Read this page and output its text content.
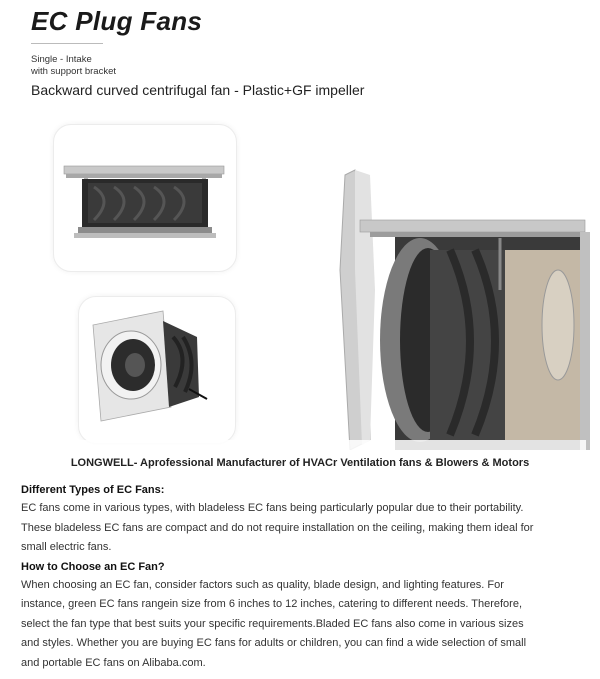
EC Plug Fans
Single - Intake
with support bracket
Backward curved centrifugal fan - Plastic+GF impeller
LONGWELL- Aprofessional Manufacturer of HVACr Ventilation fans & Blowers & Motors
Different Types of EC Fans:
EC fans come in various types, with bladeless EC fans being particularly popular due to their portability.
These bladeless EC fans are compact and do not require installation on the ceiling, making them ideal for
small electric fans.
How to Choose an EC Fan?
When choosing an EC fan, consider factors such as quality, blade design, and lighting features. For
instance, green EC fans rangein size from 6 inches to 12 inches, catering to different needs. Therefore,
select the fan type that best suits your specific requirements.Bladed EC fans also come in various sizes
and styles. Whether you are buying EC fans for adults or children, you can find a wide selection of small
and portable EC fans on Alibaba.com.
